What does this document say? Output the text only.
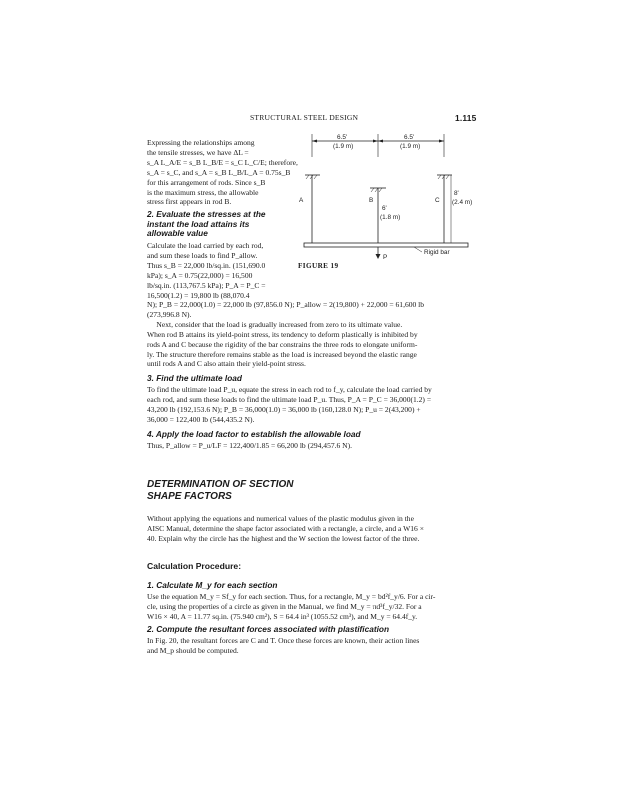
STRUCTURAL STEEL DESIGN	1.115
Expressing the relationships among
the tensile stresses, we have ΔL =
s_A L_A/E = s_B L_B/E = s_C L_C/E; therefore,
s_A = s_C, and s_A = s_B L_B/L_A = 0.75s_B
for this arrangement of rods. Since s_B
is the maximum stress, the allowable
stress first appears in rod B.
2. Evaluate the stresses at the
instant the load attains its
allowable value
Calculate the load carried by each rod,
and sum these loads to find P_allow.
Thus s_B = 22,000 lb/sq.in. (151,690.0
kPa); s_A = 0.75(22,000) = 16,500
lb/sq.in. (113,767.5 kPa); P_A = P_C =
16,500(1.2) = 19,800 lb (88,070.4
N); P_B = 22,000(1.0) = 22,000 lb (97,856.0 N); P_allow = 2(19,800) + 22,000 = 61,600 lb
(273,996.8 N).
Next, consider that the load is gradually increased from zero to its ultimate value.
When rod B attains its yield-point stress, its tendency to deform plastically is inhibited by
rods A and C because the rigidity of the bar constrains the three rods to elongate uniform-
ly. The structure therefore remains stable as the load is increased beyond the elastic range
until rods A and C also attain their yield-point stress.
3. Find the ultimate load
To find the ultimate load P_u, equate the stress in each rod to f_y, calculate the load carried by
each rod, and sum these loads to find the ultimate load P_u. Thus, P_A = P_C = 36,000(1.2) =
43,200 lb (192,153.6 N); P_B = 36,000(1.0) = 36,000 lb (160,128.0 N); P_u = 2(43,200) +
36,000 = 122,400 lb (544,435.2 N).
4. Apply the load factor to establish the allowable load
Thus, P_allow = P_u/LF = 122,400/1.85 = 66,200 lb (294,457.6 N).
DETERMINATION OF SECTION
SHAPE FACTORS
Without applying the equations and numerical values of the plastic modulus given in the
AISC Manual, determine the shape factor associated with a rectangle, a circle, and a W16 ×
40. Explain why the circle has the highest and the W section the lowest factor of the three.
Calculation Procedure:
1. Calculate M_y for each section
Use the equation M_y = Sf_y for each section. Thus, for a rectangle, M_y = bd²f_y/6. For a cir-
cle, using the properties of a circle as given in the Manual, we find M_y = πd³f_y/32. For a
W16 × 40, A = 11.77 sq.in. (75.940 cm²), S = 64.4 in³ (1055.52 cm³), and M_y = 64.4f_y.
2. Compute the resultant forces associated with plastification
In Fig. 20, the resultant forces are C and T. Once these forces are known, their action lines
and M_p should be computed.
6.5'
(1.9 m)
6.5'
(1.9 m)
A	B	C
6'
(1.8 m)
8'
(2.4 m)
Rigid bar
P
FIGURE 19
